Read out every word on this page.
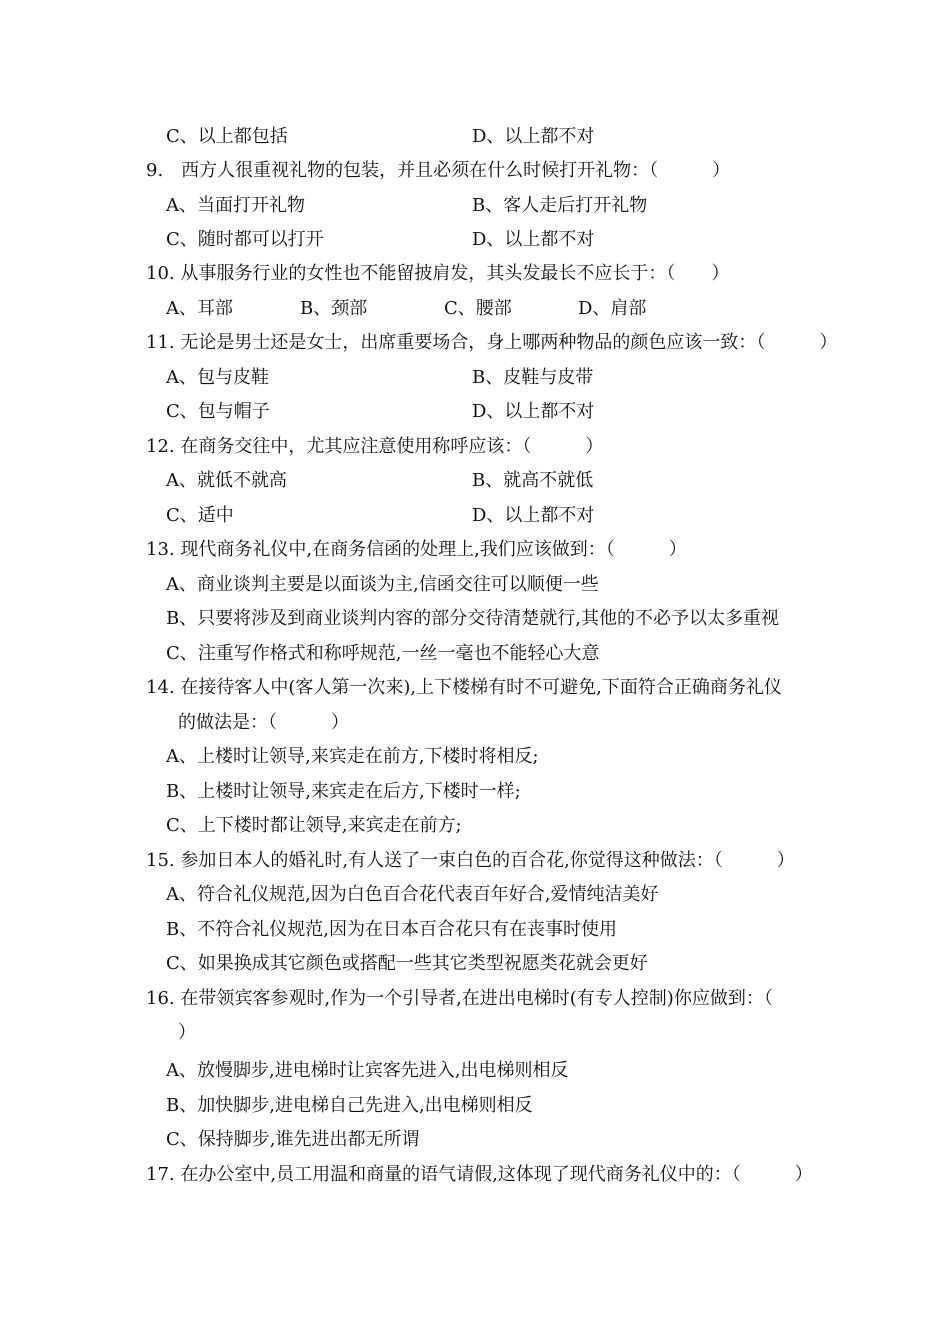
C、以上都包括	D、以上都不对
9.　西方人很重视礼物的包装，并且必须在什么时候打开礼物：（　　　）
A、当面打开礼物	B、客人走后打开礼物
C、随时都可以打开	D、以上都不对
10. 从事服务行业的女性也不能留披肩发，其头发最长不应长于：（　　）
A、耳部	B、颈部	C、腰部	D、肩部
11. 无论是男士还是女士，出席重要场合，身上哪两种物品的颜色应该一致：（　　　）
A、包与皮鞋	B、皮鞋与皮带
C、包与帽子	D、以上都不对
12. 在商务交往中，尤其应注意使用称呼应该：（　　　）
A、就低不就高	B、就高不就低
C、适中	D、以上都不对
13. 现代商务礼仪中,在商务信函的处理上,我们应该做到：（　　　）
A、商业谈判主要是以面谈为主,信函交往可以顺便一些
B、只要将涉及到商业谈判内容的部分交待清楚就行,其他的不必予以太多重视
C、注重写作格式和称呼规范,一丝一毫也不能轻心大意
14. 在接待客人中(客人第一次来),上下楼梯有时不可避免,下面符合正确商务礼仪
的做法是：（　　　）
A、上楼时让领导,来宾走在前方,下楼时将相反;
B、上楼时让领导,来宾走在后方,下楼时一样;
C、上下楼时都让领导,来宾走在前方;
15. 参加日本人的婚礼时,有人送了一束白色的百合花,你觉得这种做法：（　　　）
A、符合礼仪规范,因为白色百合花代表百年好合,爱情纯洁美好
B、不符合礼仪规范,因为在日本百合花只有在丧事时使用
C、如果换成其它颜色或搭配一些其它类型祝愿类花就会更好
16. 在带领宾客参观时,作为一个引导者,在进出电梯时(有专人控制)你应做到：（
）
A、放慢脚步,进电梯时让宾客先进入,出电梯则相反
B、加快脚步,进电梯自己先进入,出电梯则相反
C、保持脚步,谁先进出都无所谓
17. 在办公室中,员工用温和商量的语气请假,这体现了现代商务礼仪中的：（　　　）
